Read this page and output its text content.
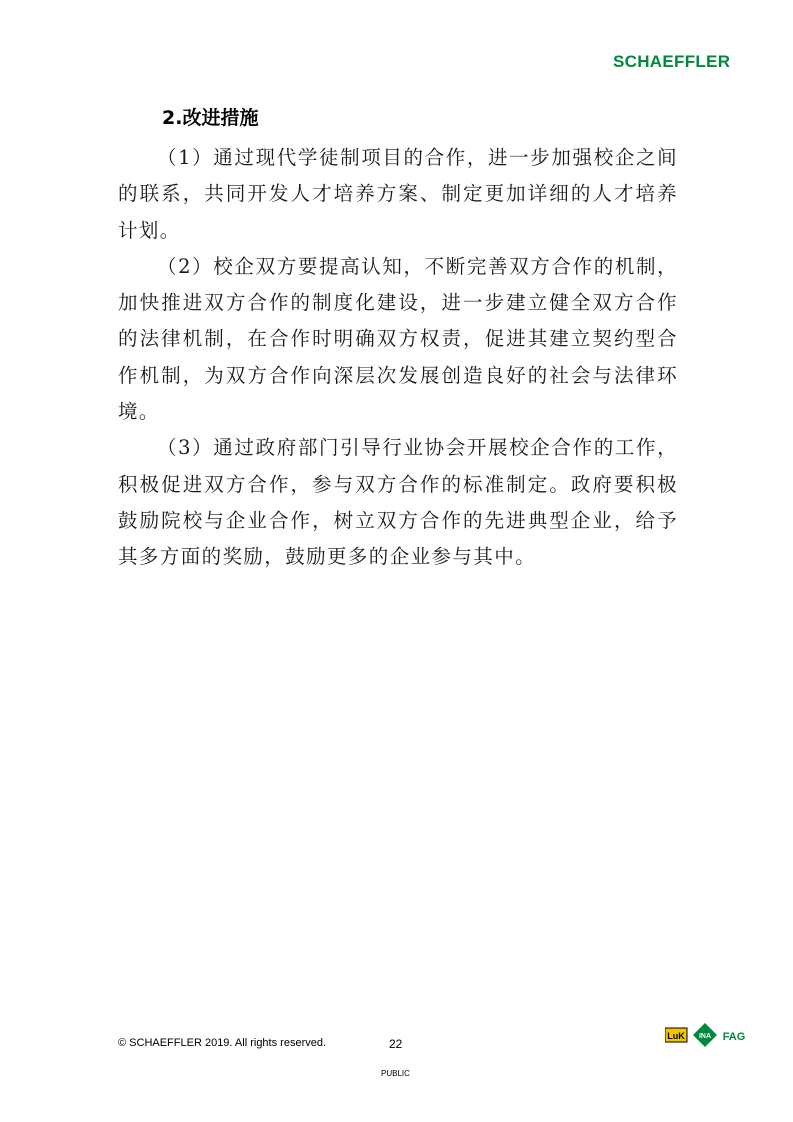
SCHAEFFLER
2.改进措施

（1）通过现代学徒制项目的合作，进一步加强校企之间的联系，共同开发人才培养方案、制定更加详细的人才培养计划。

（2）校企双方要提高认知，不断完善双方合作的机制，加快推进双方合作的制度化建设，进一步建立健全双方合作的法律机制，在合作时明确双方权责，促进其建立契约型合作机制，为双方合作向深层次发展创造良好的社会与法律环境。

（3）通过政府部门引导行业协会开展校企合作的工作，积极促进双方合作，参与双方合作的标准制定。政府要积极鼓励院校与企业合作，树立双方合作的先进典型企业，给予其多方面的奖励，鼓励更多的企业参与其中。

© SCHAEFFLER 2019. All rights reserved.	22
PUBLIC
LuK INA FAG
